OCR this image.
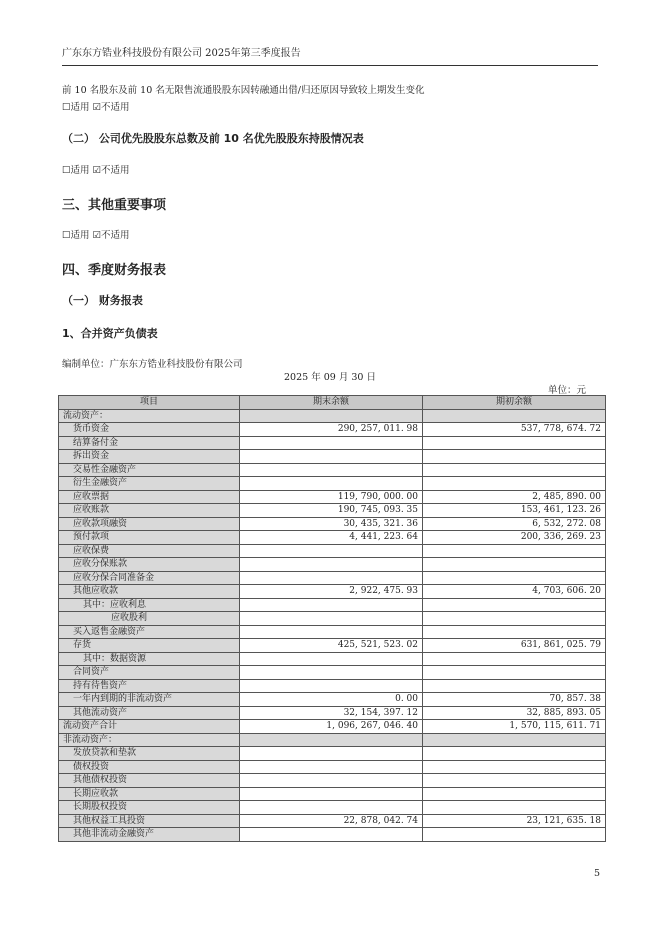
广东东方锆业科技股份有限公司 2025年第三季度报告
前 10 名股东及前 10 名无限售流通股股东因转融通出借/归还原因导致较上期发生变化
☐适用 ☑不适用
（二） 公司优先股股东总数及前 10 名优先股股东持股情况表
☐适用 ☑不适用
三、其他重要事项
☐适用 ☑不适用
四、季度财务报表
（一） 财务报表
1、合并资产负债表
编制单位：广东东方锆业科技股份有限公司
2025 年 09 月 30 日
单位：元
项目	期末余额	期初余额
流动资产：		
货币资金	290, 257, 011. 98	537, 778, 674. 72
结算备付金		
拆出资金		
交易性金融资产		
衍生金融资产		
应收票据	119, 790, 000. 00	2, 485, 890. 00
应收账款	190, 745, 093. 35	153, 461, 123. 26
应收款项融资	30, 435, 321. 36	6, 532, 272. 08
预付款项	4, 441, 223. 64	200, 336, 269. 23
应收保费		
应收分保账款		
应收分保合同准备金		
其他应收款	2, 922, 475. 93	4, 703, 606. 20
其中：应收利息		
应收股利		
买入返售金融资产		
存货	425, 521, 523. 02	631, 861, 025. 79
其中：数据资源		
合同资产		
持有待售资产		
一年内到期的非流动资产	0. 00	70, 857. 38
其他流动资产	32, 154, 397. 12	32, 885, 893. 05
流动资产合计	1, 096, 267, 046. 40	1, 570, 115, 611. 71
非流动资产：		
发放贷款和垫款		
债权投资		
其他债权投资		
长期应收款		
长期股权投资		
其他权益工具投资	22, 878, 042. 74	23, 121, 635. 18
其他非流动金融资产		
5
